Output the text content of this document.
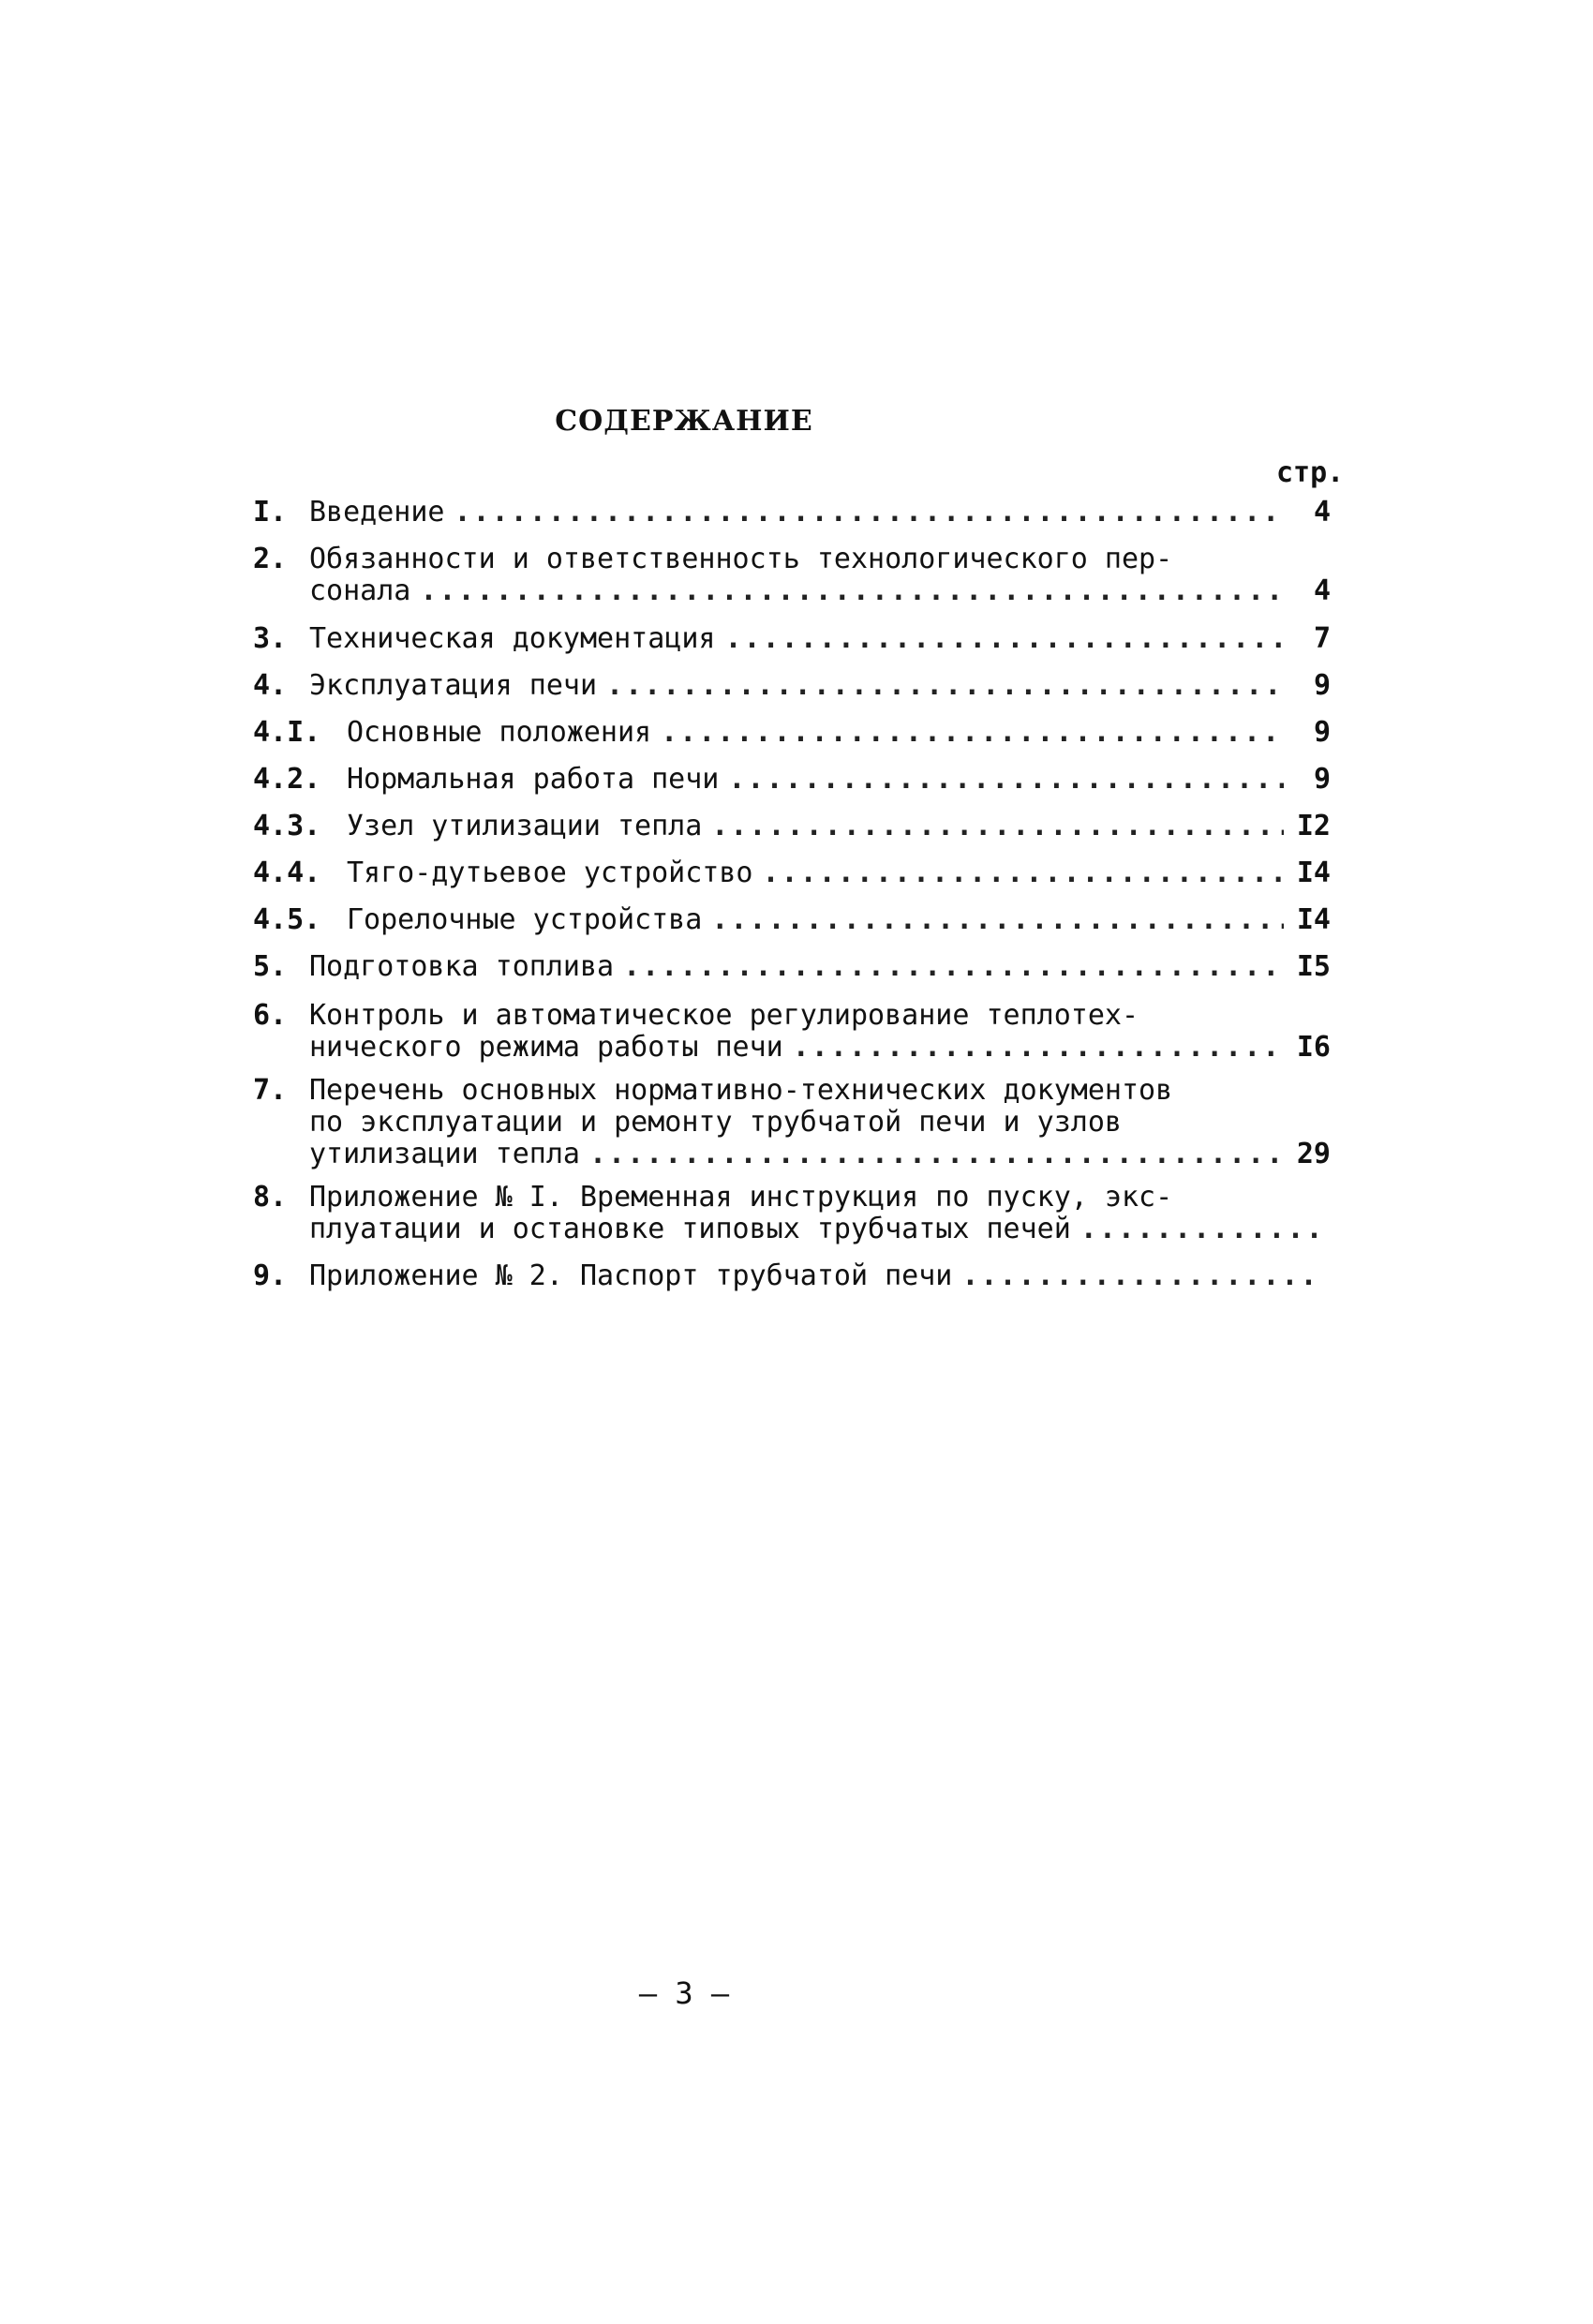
СОДЕРЖАНИЕ
стр.
I. Введение .....	4
2. Обязанности и ответственность технологического пер-
сонала .....	4
3. Техническая документация .....	7
4. Эксплуатация печи .....	9
4.I. Основные положения .....	9
4.2. Нормальная работа печи .....	9
4.3. Узел утилизации тепла .....	I2
4.4. Тяго-дутьевое устройство .....	I4
4.5. Горелочные устройства .....	I4
5. Подготовка топлива .....	I5
6. Контроль и автоматическое регулирование теплотех-
нического режима работы печи .....	I6
7. Перечень основных нормативно-технических документов
по эксплуатации и ремонту трубчатой печи и узлов
утилизации тепла .....	29
8. Приложение № I. Временная инструкция по пуску, экс-
плуатации и остановке типовых трубчатых печей
.....
9. Приложение № 2. Паспорт трубчатой печи
.....
– 3 –
